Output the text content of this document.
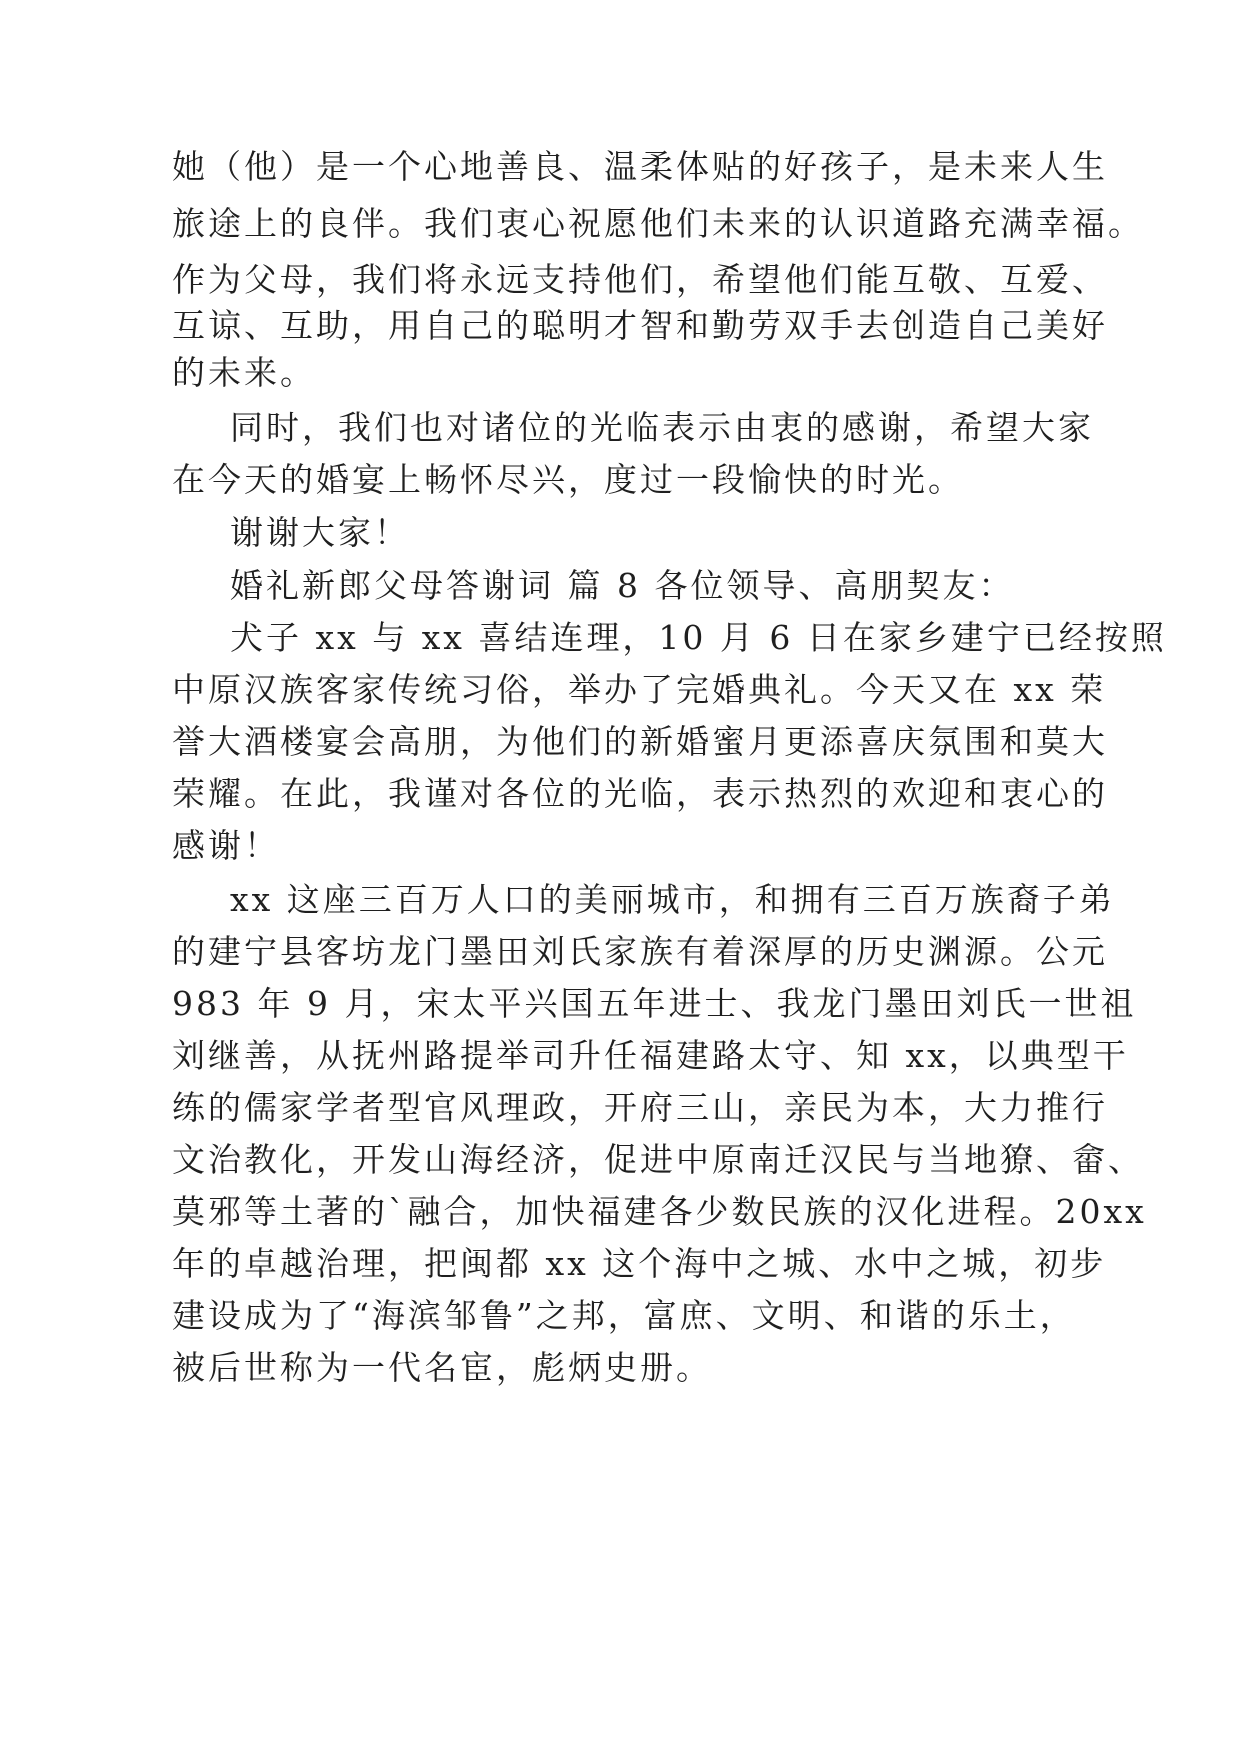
她（他）是一个心地善良、温柔体贴的好孩子，是未来人生
旅途上的良伴。我们衷心祝愿他们未来的认识道路充满幸福。
作为父母，我们将永远支持他们，希望他们能互敬、互爱、
互谅、互助，用自己的聪明才智和勤劳双手去创造自己美好
的未来。
同时，我们也对诸位的光临表示由衷的感谢，希望大家
在今天的婚宴上畅怀尽兴，度过一段愉快的时光。
谢谢大家！
婚礼新郎父母答谢词 篇 8 各位领导、高朋契友：
犬子 xx 与 xx 喜结连理，10 月 6 日在家乡建宁已经按照
中原汉族客家传统习俗，举办了完婚典礼。今天又在 xx 荣
誉大酒楼宴会高朋，为他们的新婚蜜月更添喜庆氛围和莫大
荣耀。在此，我谨对各位的光临，表示热烈的欢迎和衷心的
感谢！
xx 这座三百万人口的美丽城市，和拥有三百万族裔子弟
的建宁县客坊龙门墨田刘氏家族有着深厚的历史渊源。公元
983 年 9 月，宋太平兴国五年进士、我龙门墨田刘氏一世祖
刘继善，从抚州路提举司升任福建路太守、知 xx，以典型干
练的儒家学者型官风理政，开府三山，亲民为本，大力推行
文治教化，开发山海经济，促进中原南迁汉民与当地獠、畲、
莫邪等土著的`融合，加快福建各少数民族的汉化进程。20xx
年的卓越治理，把闽都 xx 这个海中之城、水中之城，初步
建设成为了“海滨邹鲁”之邦，富庶、文明、和谐的乐土，
被后世称为一代名宦，彪炳史册。
